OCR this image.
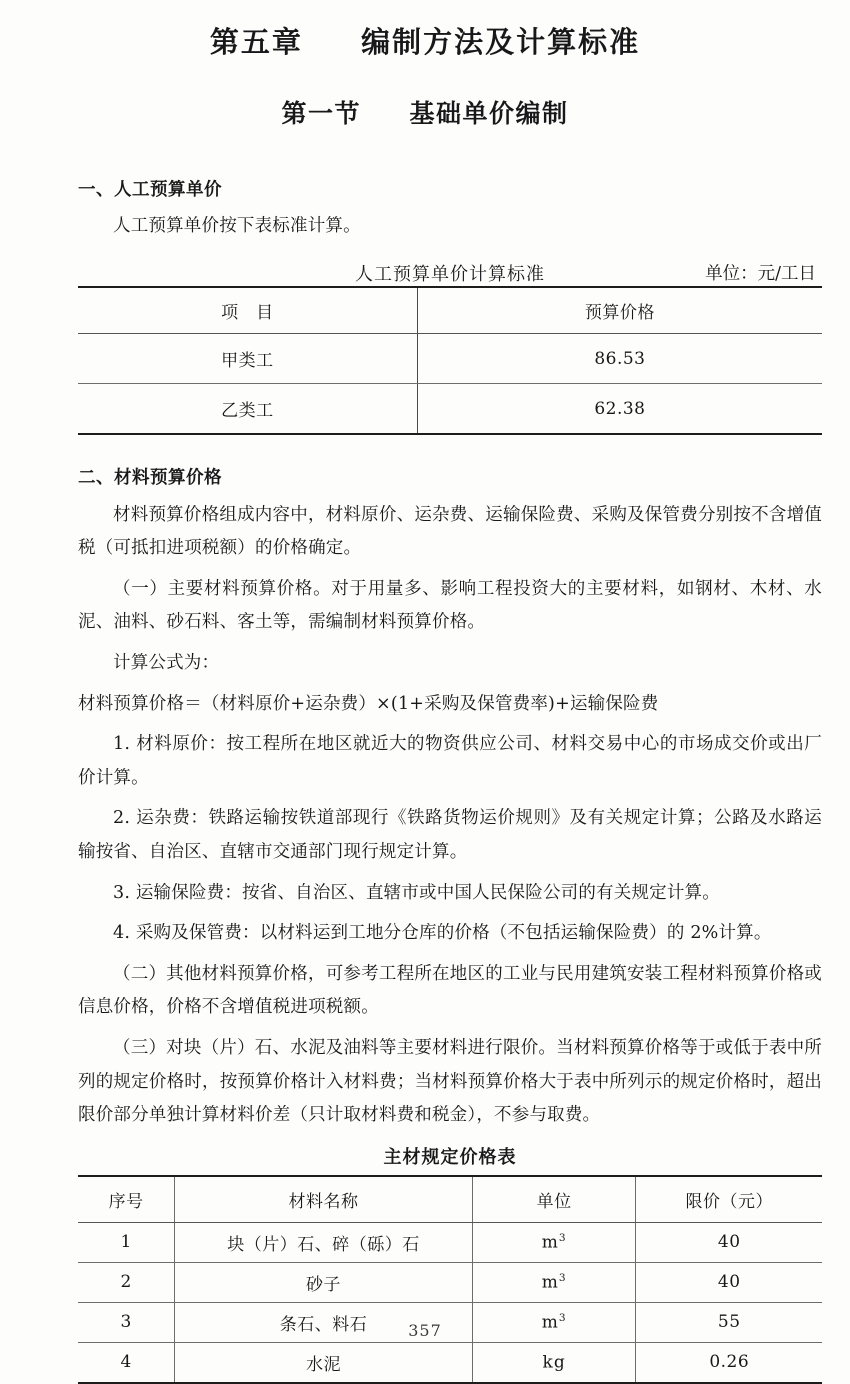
第五章 编制方法及计算标准
第一节 基础单价编制
一、人工预算单价

人工预算单价按下表标准计算。

人工预算单价计算标准	单位：元/工日
项　目	预算价格
甲类工	86.53
乙类工	62.38
二、材料预算价格

材料预算价格组成内容中，材料原价、运杂费、运输保险费、采购及保管费分别按不含增值税（可抵扣进项税额）的价格确定。

（一）主要材料预算价格。对于用量多、影响工程投资大的主要材料，如钢材、木材、水泥、油料、砂石料、客土等，需编制材料预算价格。

计算公式为：

材料预算价格＝（材料原价+运杂费）×(1+采购及保管费率)+运输保险费

1. 材料原价：按工程所在地区就近大的物资供应公司、材料交易中心的市场成交价或出厂价计算。

2. 运杂费：铁路运输按铁道部现行《铁路货物运价规则》及有关规定计算；公路及水路运输按省、自治区、直辖市交通部门现行规定计算。

3. 运输保险费：按省、自治区、直辖市或中国人民保险公司的有关规定计算。

4. 采购及保管费：以材料运到工地分仓库的价格（不包括运输保险费）的 2%计算。

（二）其他材料预算价格，可参考工程所在地区的工业与民用建筑安装工程材料预算价格或信息价格，价格不含增值税进项税额。

（三）对块（片）石、水泥及油料等主要材料进行限价。当材料预算价格等于或低于表中所列的规定价格时，按预算价格计入材料费；当材料预算价格大于表中所列示的规定价格时，超出限价部分单独计算材料价差（只计取材料费和税金），不参与取费。

主材规定价格表
序号	材料名称	单位	限价（元）
1	块（片）石、碎（砾）石	$m^3$	40
2	砂子	$m^3$	40
3	条石、料石	$m^3$	55
4	水泥	kg	0.26
357
